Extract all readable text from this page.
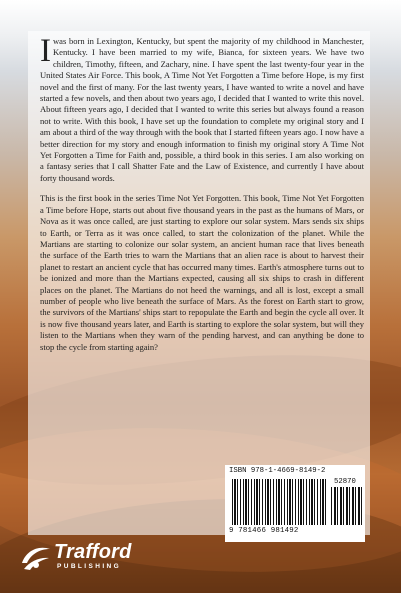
Iwas born in Lexington, Kentucky, but spent the majority of my childhood in Manchester, Kentucky. I have been married to my wife, Bianca, for sixteen years. We have two children, Timothy, fifteen, and Zachary, nine. I have spent the last twenty-four year in the United States Air Force. This book, A Time Not Yet Forgotten a Time before Hope, is my first novel and the first of many. For the last twenty years, I have wanted to write a novel and have started a few novels, and then about two years ago, I decided that I wanted to write this novel. About fifteen years ago, I decided that I wanted to write this series but always found a reason not to write. With this book, I have set up the foundation to complete my original story and I am about a third of the way through with the book that I started fifteen years ago. I now have a better direction for my story and enough information to finish my original story A Time Not Yet Forgotten a Time for Faith and, possible, a third book in this series. I am also working on a fantasy series that I call Shatter Fate and the Law of Existence, and currently I have about forty thousand words.

This is the first book in the series Time Not Yet Forgotten. This book, Time Not Yet Forgotten a Time before Hope, starts out about five thousand years in the past as the humans of Mars, or Nova as it was once called, are just starting to explore our solar system. Mars sends six ships to Earth, or Terra as it was once called, to start the colonization of the planet. While the Martians are starting to colonize our solar system, an ancient human race that lives beneath the surface of the Earth tries to warn the Martians that an alien race is about to harvest their planet to restart an ancient cycle that has occurred many times. Earth's atmosphere turns out to be ionized and more than the Martians expected, causing all six ships to crash in different places on the planet. The Martians do not heed the warnings, and all is lost, except a small number of people who live beneath the surface of Mars. As the forest on Earth start to grow, the survivors of the Martians' ships start to repopulate the Earth and begin the cycle all over. It is now five thousand years later, and Earth is starting to explore the solar system, but will they listen to the Martians when they warn of the pending harvest, and can anything be done to stop the cycle from starting again?

ISBN 978-1-4669-8149-2
52870
9 781466 981492
Trafford
PUBLISHING
